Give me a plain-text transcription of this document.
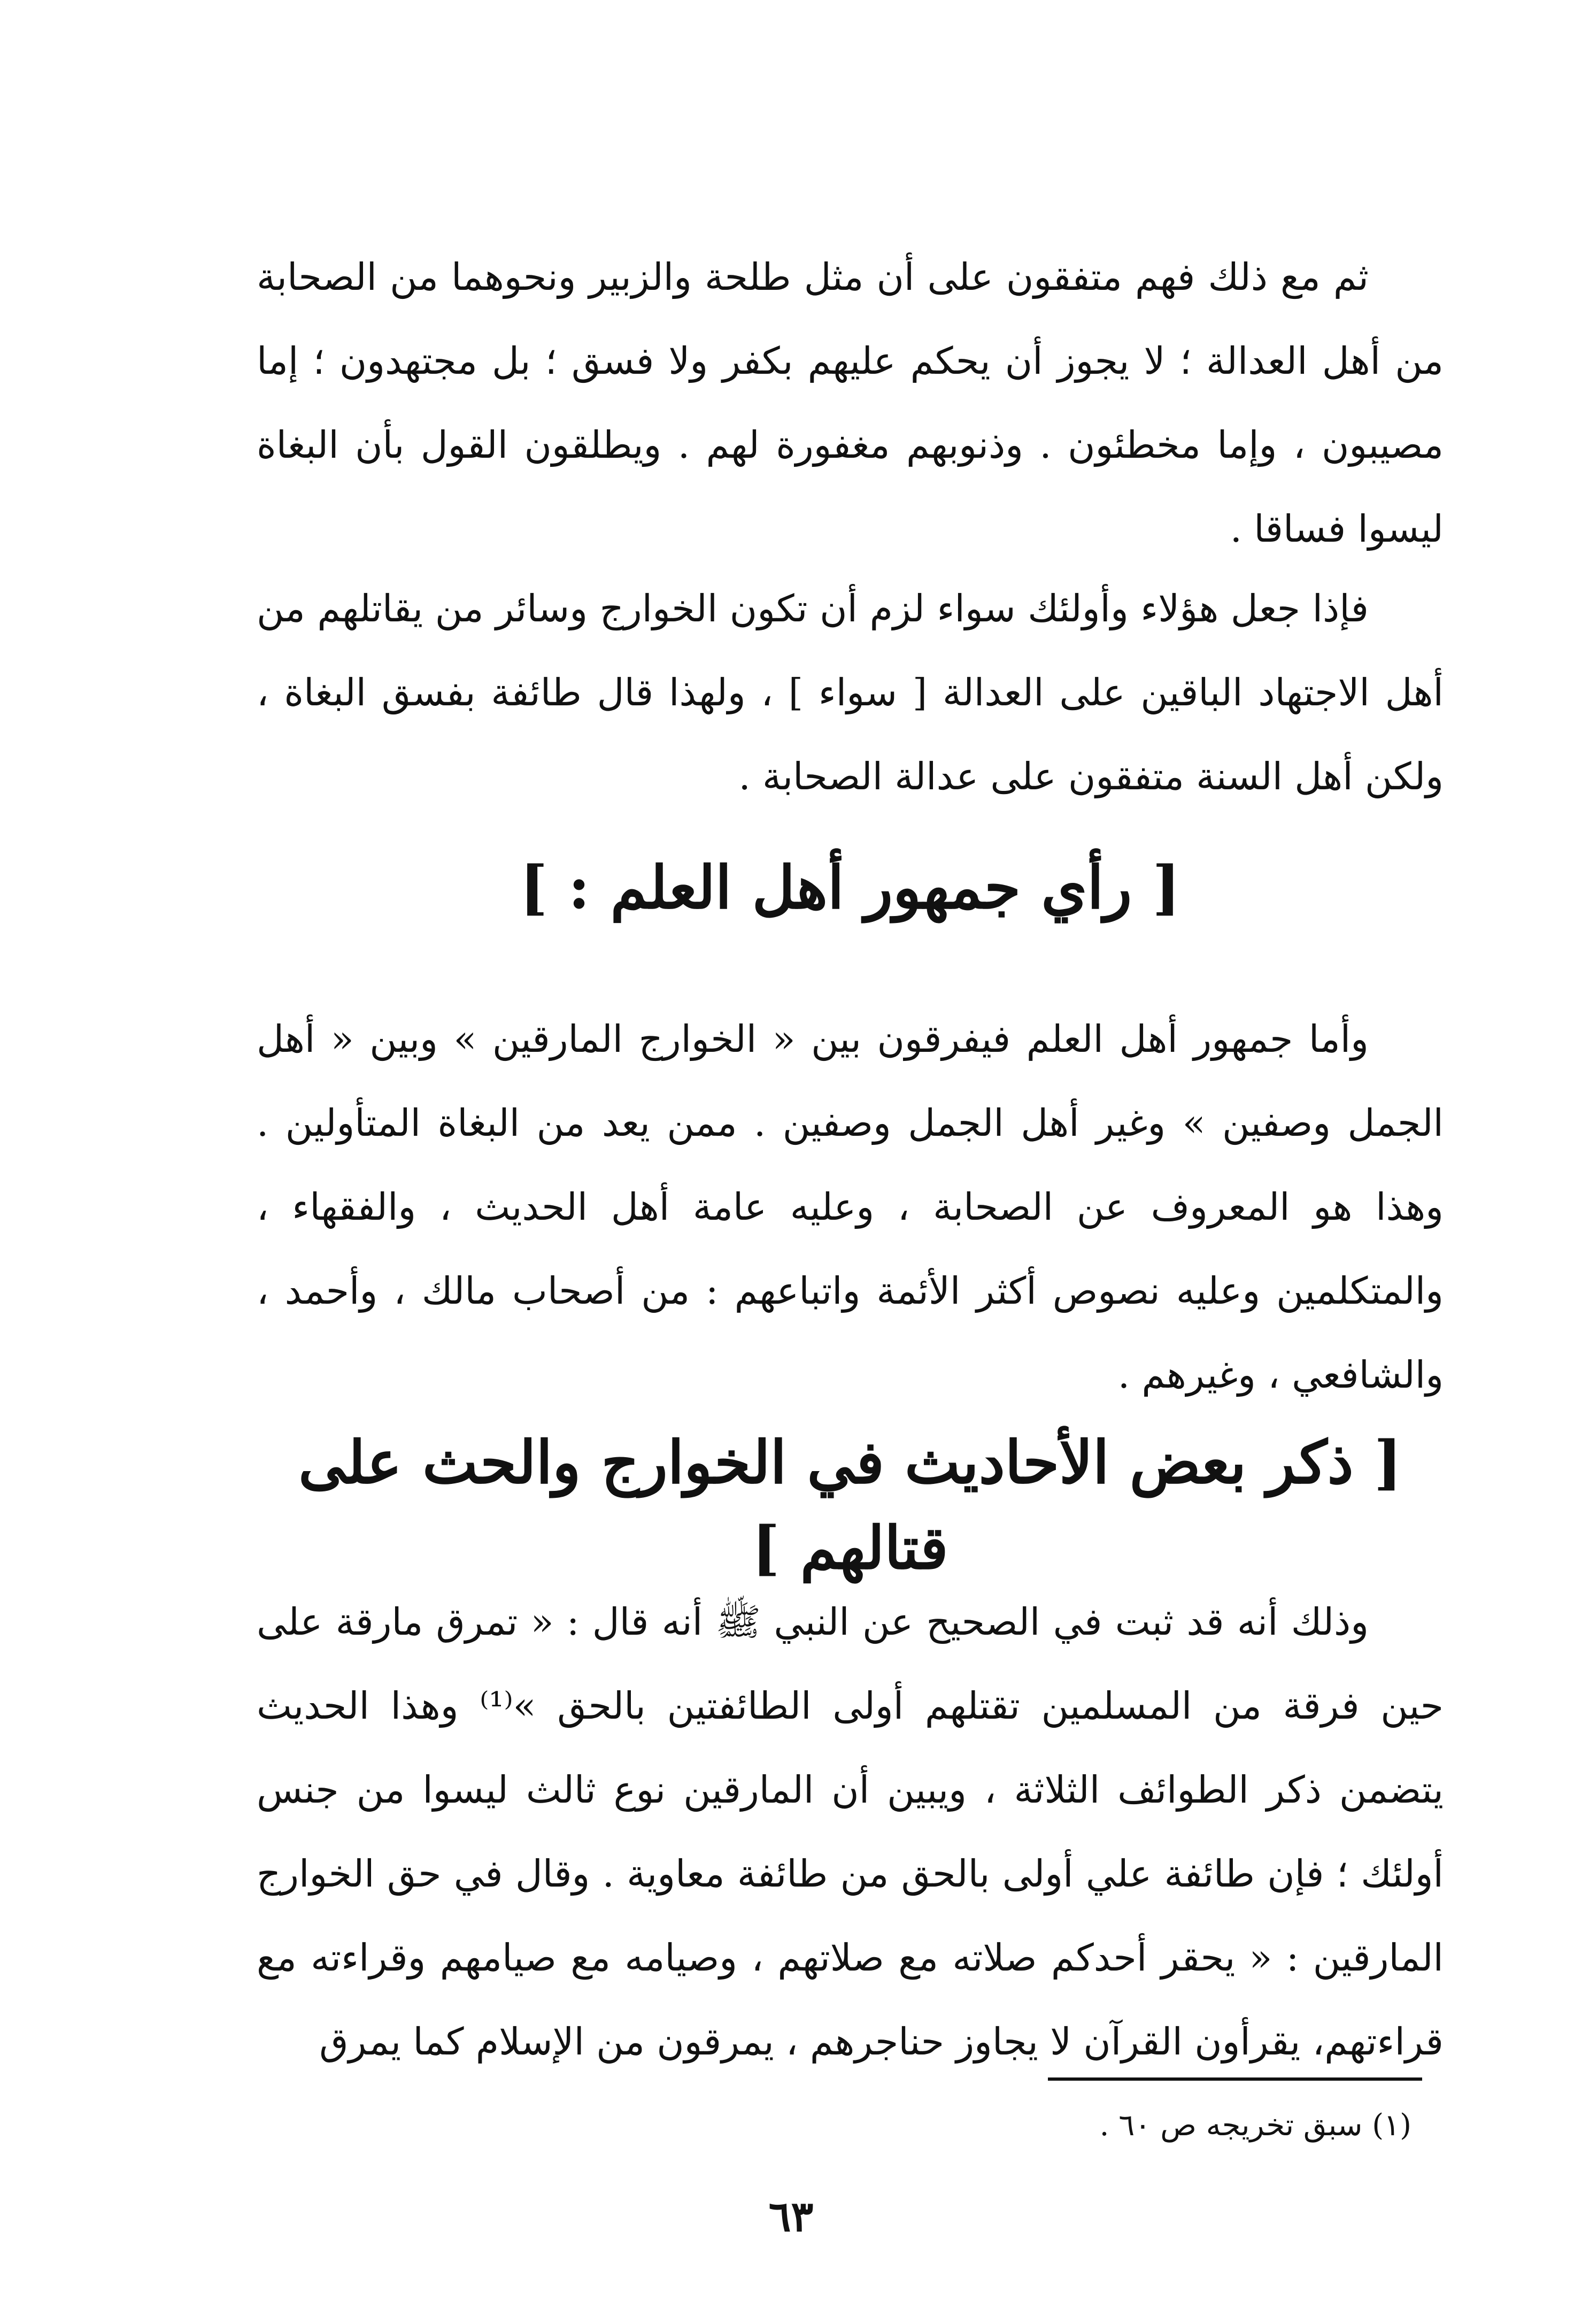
ثم مع ذلك فهم متفقون على أن مثل طلحة والزبير ونحوهما من الصحابة من أهل العدالة ؛ لا يجوز أن يحكم عليهم بكفر ولا فسق ؛ بل مجتهدون ؛ إما مصيبون ، وإما مخطئون . وذنوبهم مغفورة لهم . ويطلقون القول بأن البغاة ليسوا فساقا .

فإذا جعل هؤلاء وأولئك سواء لزم أن تكون الخوارج وسائر من يقاتلهم من أهل الاجتهاد الباقين على العدالة [ سواء ] ، ولهذا قال طائفة بفسق البغاة ، ولكن أهل السنة متفقون على عدالة الصحابة .

[ رأي جمهور أهل العلم : ]

وأما جمهور أهل العلم فيفرقون بين « الخوارج المارقين » وبين « أهل الجمل وصفين » وغير أهل الجمل وصفين . ممن يعد من البغاة المتأولين . وهذا هو المعروف عن الصحابة ، وعليه عامة أهل الحديث ، والفقهاء ، والمتكلمين وعليه نصوص أكثر الأئمة واتباعهم : من أصحاب مالك ، وأحمد ، والشافعي ، وغيرهم .

[ ذكر بعض الأحاديث في الخوارج والحث على قتالهم ]

وذلك أنه قد ثبت في الصحيح عن النبي ﷺ أنه قال : « تمرق مارقة على حين فرقة من المسلمين تقتلهم أولى الطائفتين بالحق »⁽¹⁾ وهذا الحديث يتضمن ذكر الطوائف الثلاثة ، ويبين أن المارقين نوع ثالث ليسوا من جنس أولئك ؛ فإن طائفة علي أولى بالحق من طائفة معاوية . وقال في حق الخوارج المارقين : « يحقر أحدكم صلاته مع صلاتهم ، وصيامه مع صيامهم وقراءته مع قراءتهم، يقرأون القرآن لا يجاوز حناجرهم ، يمرقون من الإسلام كما يمرق

(١) سبق تخريجه ص ٦٠ .
٦٣
